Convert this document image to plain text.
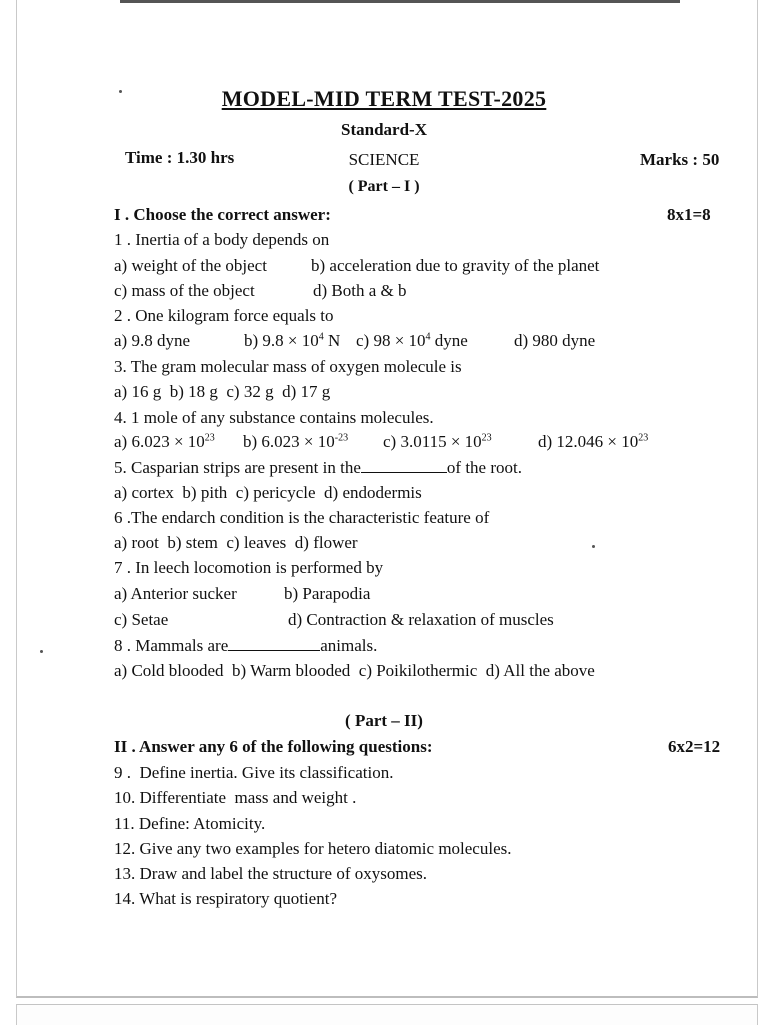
MODEL-MID TERM TEST-2025
Standard-X
Time : 1.30 hrs	SCIENCE	Marks : 50
( Part – I )
I . Choose the correct answer:	8x1=8
1 . Inertia of a body depends on
a) weight of the object	b) acceleration due to gravity of the planet
c) mass of the object	d) Both a & b
2 . One kilogram force equals to
a) 9.8 dyne	b) $9.8 \times 10^4$ N c) $98 \times 10^4$ dyne	d) 980 dyne
3. The gram molecular mass of oxygen molecule is
a) 16 g  b) 18 g  c) 32 g  d) 17 g
4. 1 mole of any substance contains molecules.
a) $6.023 \times 10^{23}$ b) $6.023 \times 10^{-23}$ c) $3.0115 \times 10^{23}$	d) $12.046 \times 10^{23}$
5. Casparian strips are present in the	of the root.
a) cortex  b) pith  c) pericycle  d) endodermis
6 .The endarch condition is the characteristic feature of
a) root  b) stem  c) leaves  d) flower
7 . In leech locomotion is performed by
a) Anterior sucker	b) Parapodia
c) Setae	d) Contraction & relaxation of muscles
8 . Mammals are	animals.
a) Cold blooded  b) Warm blooded  c) Poikilothermic  d) All the above
( Part – II)
II . Answer any 6 of the following questions:	6x2=12
9 .  Define inertia. Give its classification.
10. Differentiate  mass and weight .
11. Define: Atomicity.
12. Give any two examples for hetero diatomic molecules.
13. Draw and label the structure of oxysomes.
14. What is respiratory quotient?
